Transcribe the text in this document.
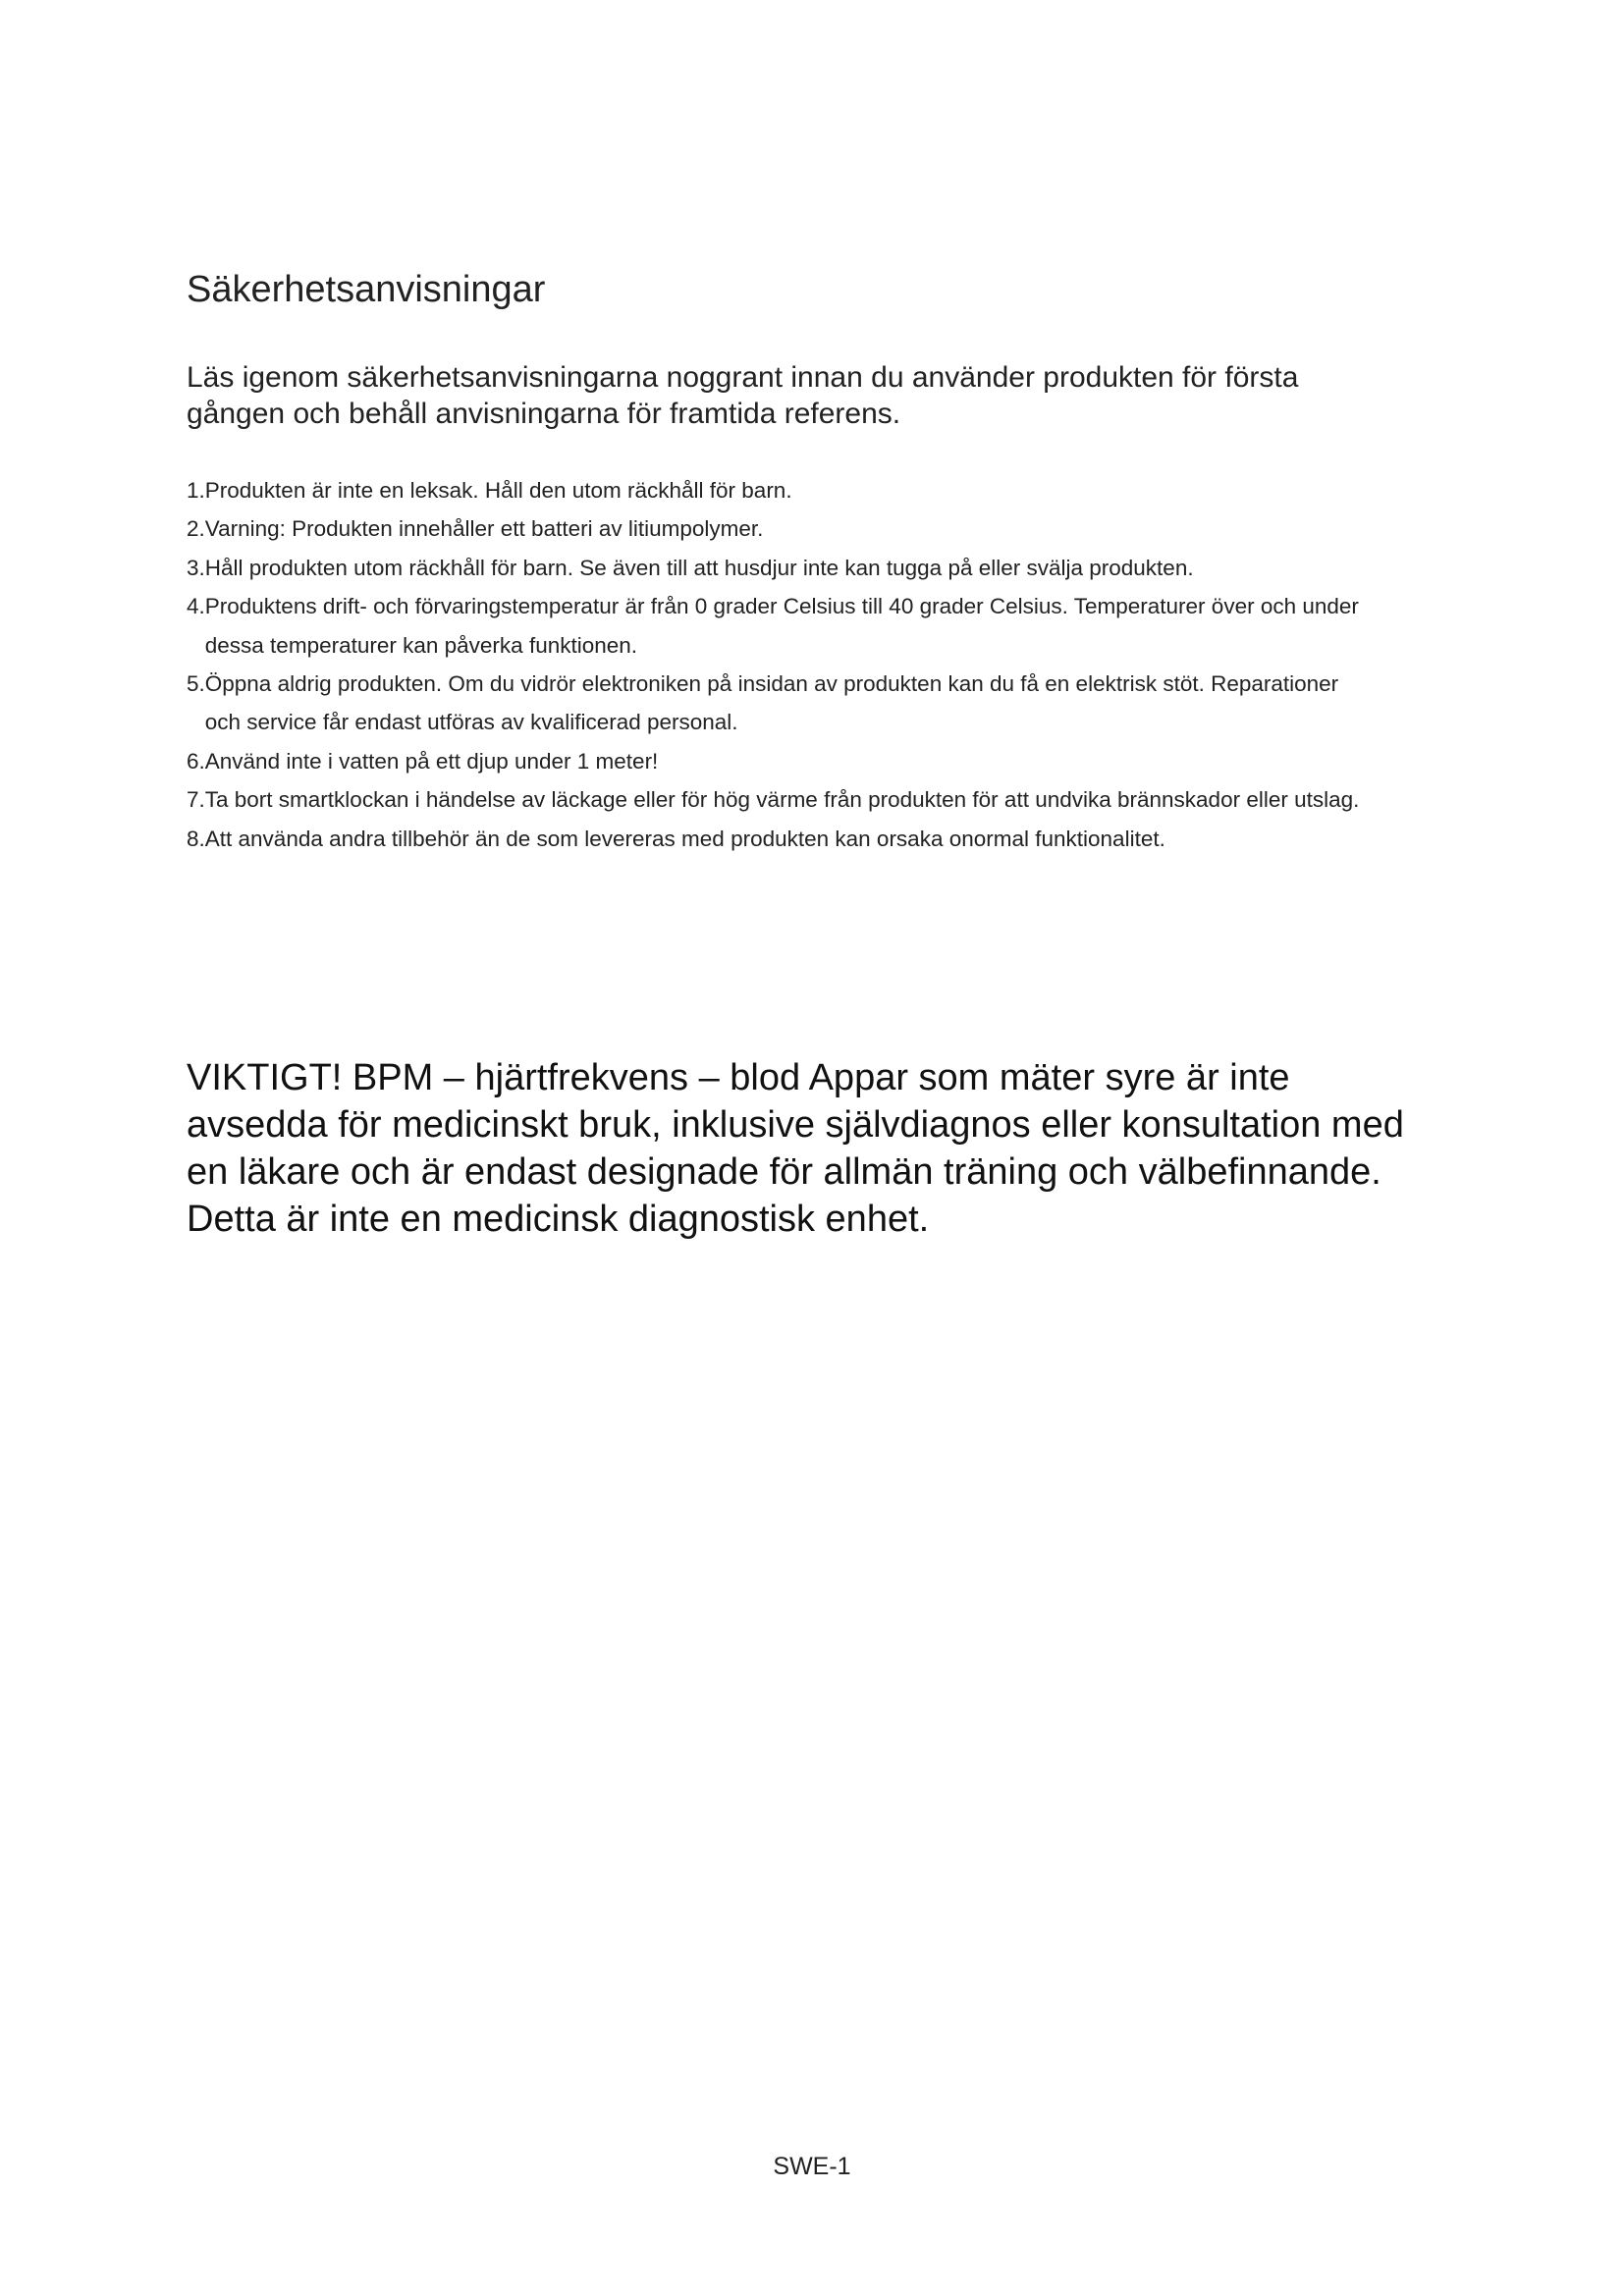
Säkerhetsanvisningar

Läs igenom säkerhetsanvisningarna noggrant innan du använder produkten för första gången och behåll anvisningarna för framtida referens.

1. Produkten är inte en leksak. Håll den utom räckhåll för barn.
2. Varning: Produkten innehåller ett batteri av litiumpolymer.
3. Håll produkten utom räckhåll för barn. Se även till att husdjur inte kan tugga på eller svälja produkten.
4. Produktens drift- och förvaringstemperatur är från 0 grader Celsius till 40 grader Celsius. Temperaturer över och under dessa temperaturer kan påverka funktionen.
5. Öppna aldrig produkten. Om du vidrör elektroniken på insidan av produkten kan du få en elektrisk stöt. Reparationer och service får endast utföras av kvalificerad personal.
6. Använd inte i vatten på ett djup under 1 meter!
7. Ta bort smartklockan i händelse av läckage eller för hög värme från produkten för att undvika brännskador eller utslag.
8. Att använda andra tillbehör än de som levereras med produkten kan orsaka onormal funktionalitet.

VIKTIGT! BPM – hjärtfrekvens – blod Appar som mäter syre är inte avsedda för medicinskt bruk, inklusive självdiagnos eller konsultation med en läkare och är endast designade för allmän träning och välbefinnande. Detta är inte en medicinsk diagnostisk enhet.

SWE-1
